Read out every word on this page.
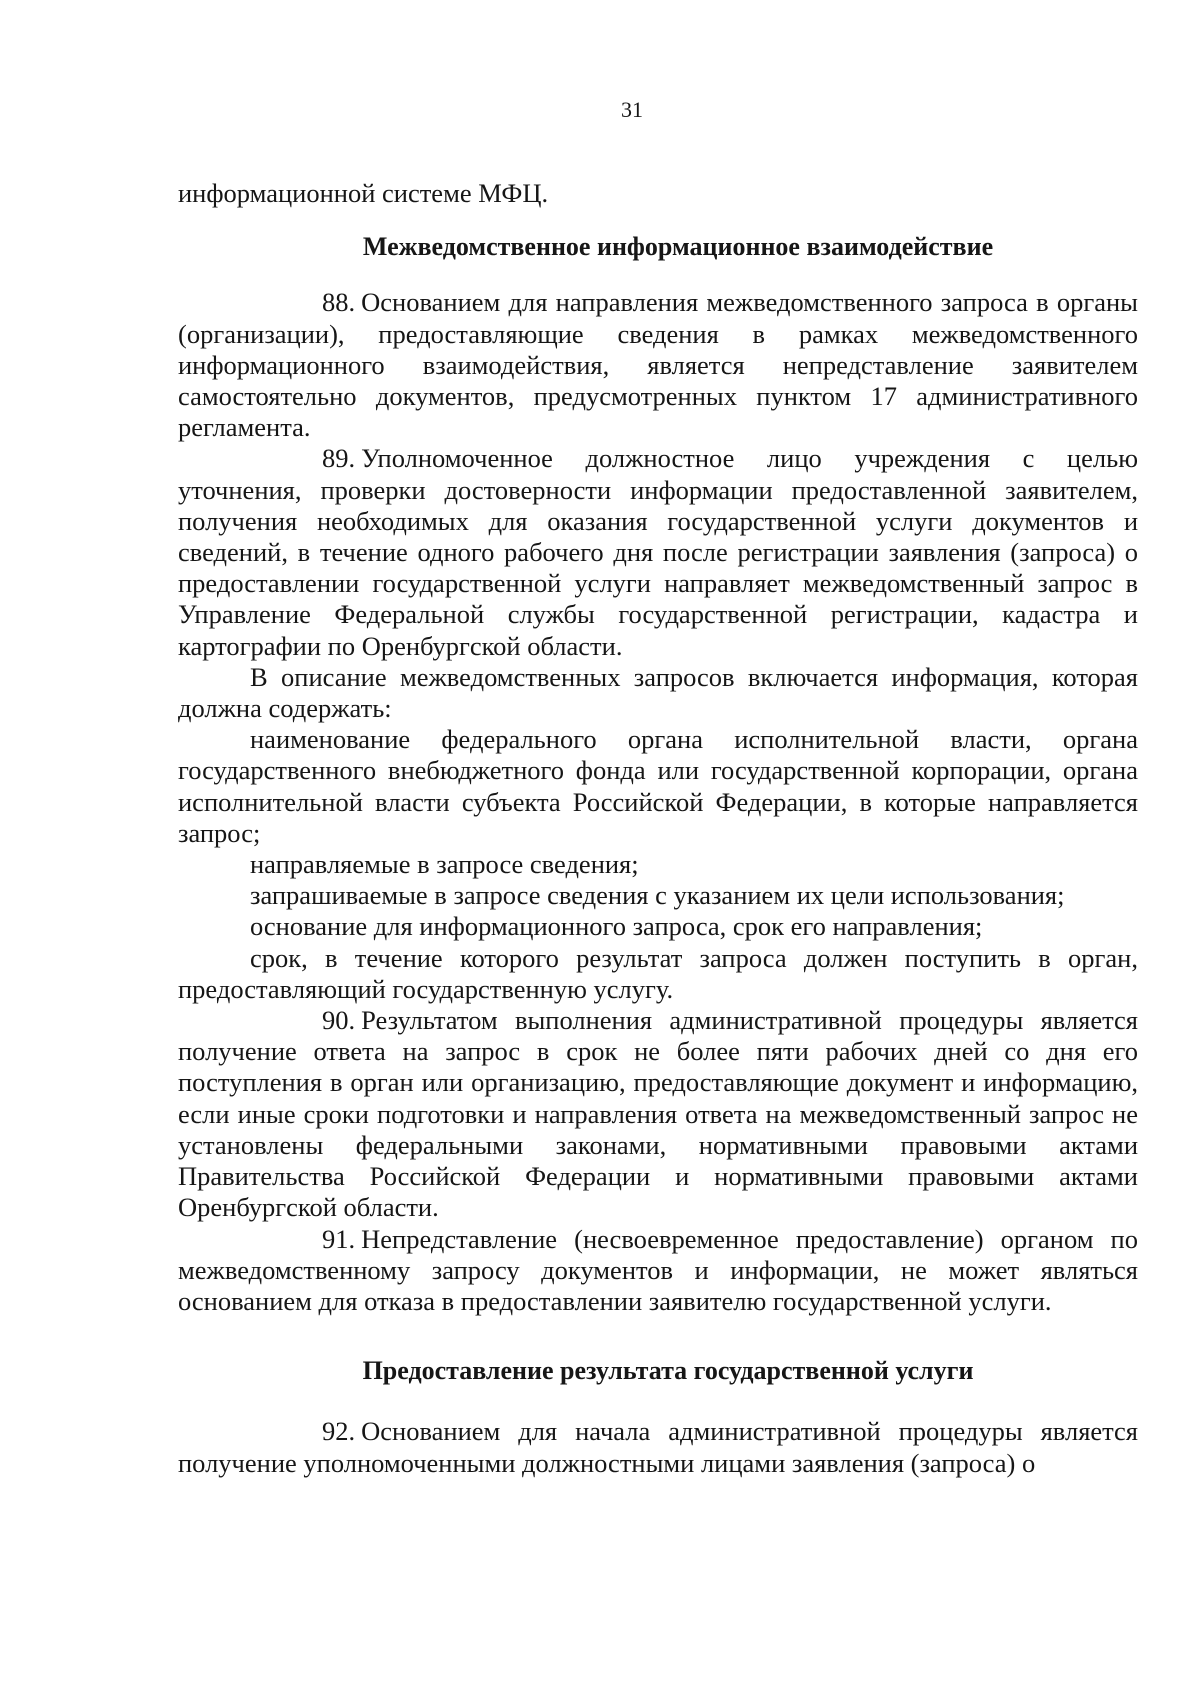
31

информационной системе МФЦ.

Межведомственное информационное взаимодействие

88. Основанием для направления межведомственного запроса в органы (организации), предоставляющие сведения в рамках межведомственного информационного взаимодействия, является непредставление заявителем самостоятельно документов, предусмотренных пунктом 17 административного регламента.

89. Уполномоченное должностное лицо учреждения с целью уточнения, проверки достоверности информации предоставленной заявителем, получения необходимых для оказания государственной услуги документов и сведений, в течение одного рабочего дня после регистрации заявления (запроса) о предоставлении государственной услуги направляет межведомственный запрос в Управление Федеральной службы государственной регистрации, кадастра и картографии по Оренбургской области.

В описание межведомственных запросов включается информация, которая должна содержать:

наименование федерального органа исполнительной власти, органа государственного внебюджетного фонда или государственной корпорации, органа исполнительной власти субъекта Российской Федерации, в которые направляется запрос;

направляемые в запросе сведения;

запрашиваемые в запросе сведения с указанием их цели использования;

основание для информационного запроса, срок его направления;

срок, в течение которого результат запроса должен поступить в орган, предоставляющий государственную услугу.

90. Результатом выполнения административной процедуры является получение ответа на запрос в срок не более пяти рабочих дней со дня его поступления в орган или организацию, предоставляющие документ и информацию, если иные сроки подготовки и направления ответа на межведомственный запрос не установлены федеральными законами, нормативными правовыми актами Правительства Российской Федерации и нормативными правовыми актами Оренбургской области.

91. Непредставление (несвоевременное предоставление) органом по межведомственному запросу документов и информации, не может являться основанием для отказа в предоставлении заявителю государственной услуги.

Предоставление результата государственной услуги

92. Основанием для начала административной процедуры является получение уполномоченными должностными лицами заявления (запроса) о
